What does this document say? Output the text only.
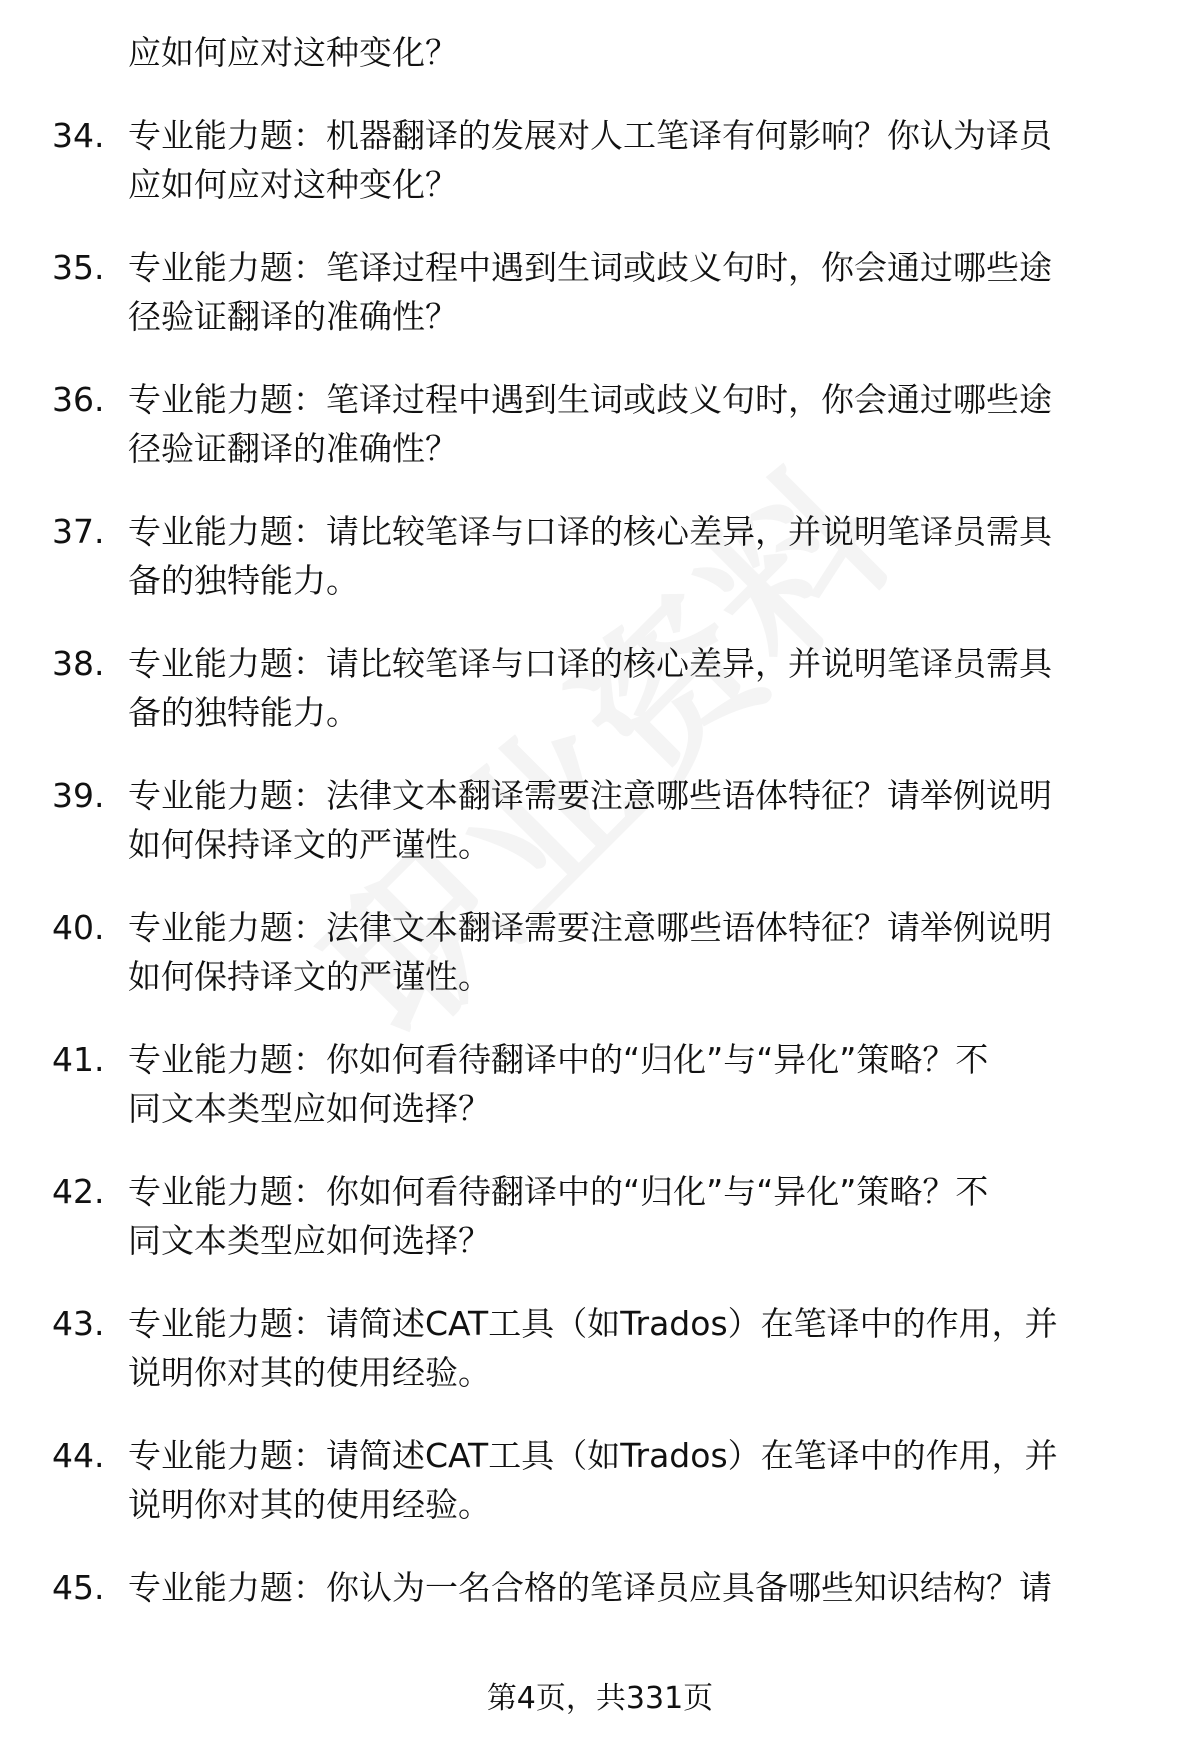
应如何应对这种变化？
34. 专业能力题：机器翻译的发展对人工笔译有何影响？你认为译员
应如何应对这种变化？
35. 专业能力题：笔译过程中遇到生词或歧义句时，你会通过哪些途
径验证翻译的准确性？
36. 专业能力题：笔译过程中遇到生词或歧义句时，你会通过哪些途
径验证翻译的准确性？
37. 专业能力题：请比较笔译与口译的核心差异，并说明笔译员需具
备的独特能力。
38. 专业能力题：请比较笔译与口译的核心差异，并说明笔译员需具
备的独特能力。
39. 专业能力题：法律文本翻译需要注意哪些语体特征？请举例说明
如何保持译文的严谨性。
40. 专业能力题：法律文本翻译需要注意哪些语体特征？请举例说明
如何保持译文的严谨性。
41. 专业能力题：你如何看待翻译中的“归化”与“异化”策略？不
同文本类型应如何选择？
42. 专业能力题：你如何看待翻译中的“归化”与“异化”策略？不
同文本类型应如何选择？
43. 专业能力题：请简述CAT工具（如Trados）在笔译中的作用，并
说明你对其的使用经验。
44. 专业能力题：请简述CAT工具（如Trados）在笔译中的作用，并
说明你对其的使用经验。
45. 专业能力题：你认为一名合格的笔译员应具备哪些知识结构？请
第4页，共331页
